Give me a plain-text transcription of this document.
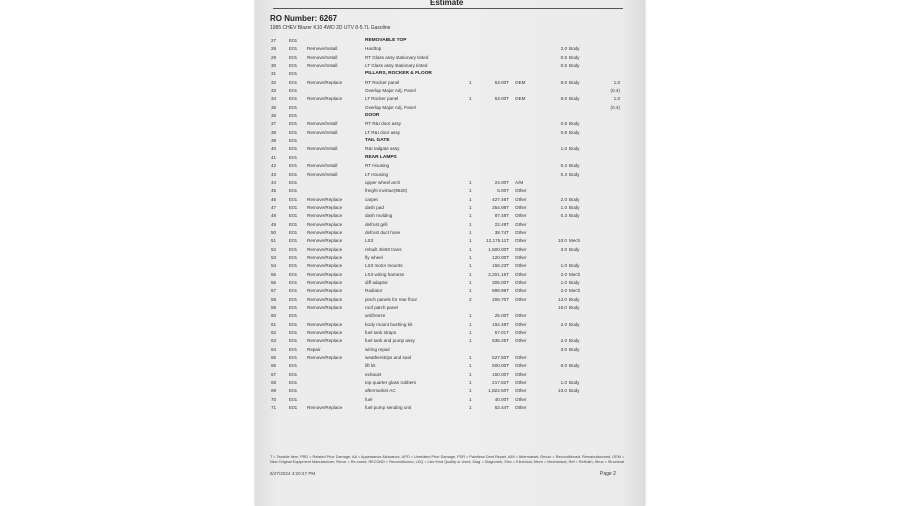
Estimate
RO Number: 6267
1985 CHEV Blazer K10 4WD 2D UTV 8-5.7L Gasoline
27	E01	REMOVABLE TOP
28	E01 Remove/Install	Hardtop	2.0 Body
29	E01 Remove/Install	RT Glass assy stationary tinted	0.5 Body
30	E01 Remove/Install	LT Glass assy stationary tinted	0.5 Body
31	E01	PILLARS, ROCKER & FLOOR
32	E01 Remove/Replace	RT Rocker panel	1	53.00T OEM	6.0 Body	1.0
33	E01	Overlap Major Adj. Panel	(0.4)
34	E01 Remove/Replace	LT Rocker panel	1	53.00T OEM	6.0 Body	1.0
35	E01	Overlap Major Adj. Panel	(0.4)
36	E01	DOOR
37	E01 Remove/Install	RT R&I door assy	0.8 Body
38	E01 Remove/Install	LT R&I door assy	0.8 Body
39	E01	TAIL GATE
40	E01 Remove/Install	R&I tailgate assy	1.0 Body
41	E01	REAR LAMPS
42	E01 Remove/Install	RT Housing	0.3 Body
43	E01 Remove/Install	LT Housing	0.3 Body
44	E01	upper wheel arch	1	24.00T A/M
45	E01	freight invirtue(9520)	1	5.00T Other
46	E01 Remove/Replace	carpet	1	427.48T Other	2.0 Body
47	E01 Remove/Replace	dash pad	1	354.98T Other	1.0 Body
48	E01 Remove/Replace	dash molding	1	87.48T Other	0.3 Body
49	E01 Remove/Replace	defrost grill	1	22.49T Other
50	E01 Remove/Replace	defrost duct hose	1	38.74T Other
51	E01 Remove/Replace	LS3	1	12,175.11T Other	10.0 Mech
52	E01 Remove/Replace	rebuilt 4le60 trans	1	1,500.00T Other	3.0 Body
53	E01 Remove/Replace	fly wheel	1	120.00T Other
54	E01 Remove/Replace	LS3 motor mounts	1	156.23T Other	1.0 Body
55	E01 Remove/Replace	LS3 wiring harness	1	2,201.16T Other	2.0 Mech
56	E01 Remove/Replace	diff adaptor	1	305.00T Other	1.0 Body
57	E01 Remove/Replace	Radiator	1	899.98T Other	2.0 Mech
58	E01 Remove/Replace	pinch panels for rear floor	2	206.70T Other	12.0 Body
59	E01 Remove/Replace	roof patch panel	15.0 Body
60	E01	antifreeze	1	25.00T Other
61	E01 Remove/Replace	body mount bushing kit	1	192.48T Other	2.0 Body
62	E01 Remove/Replace	fuel tank straps	1	57.01T Other
63	E01 Remove/Replace	fuel tank and pump assy	1	636.25T Other	2.0 Body
64	E01 Repair	wiring repair	3.0 Body
65	E01 Remove/Replace	weatherstrips and seal	1	527.50T Other
66	E01	lift kit	1	500.00T Other	6.0 Body
67	E01	exhaust	1	150.00T Other
68	E01	top quarter glass rubbers	1	217.62T Other	1.0 Body
69	E01	aftermarket AC	1	1,822.50T Other	10.0 Body
70	E01	fuel	1	40.00T Other
71	E01 Remove/Replace	fuel pump sending unit	1	62.44T Other
T = Taxable Item, PRD = Related Prior Damage, AA = Appearance Allowance, UPD = Unrelated Prior Damage, PDR = Paintless Dent Repair, A/M = Aftermarket, Recon = Reconditioned, Remanufactured, OEM = New Original Equipment Manufacturer, Recor = Re-cored, RECOND = Reconditioned, LKQ = Like Kind Quality or Used, Diag = Diagnostic, Elec = Electrical, Mech = Mechanical, Ref = Refinish, Struc = Structural
6/27/2024 4:20:47 PM	Page 2
